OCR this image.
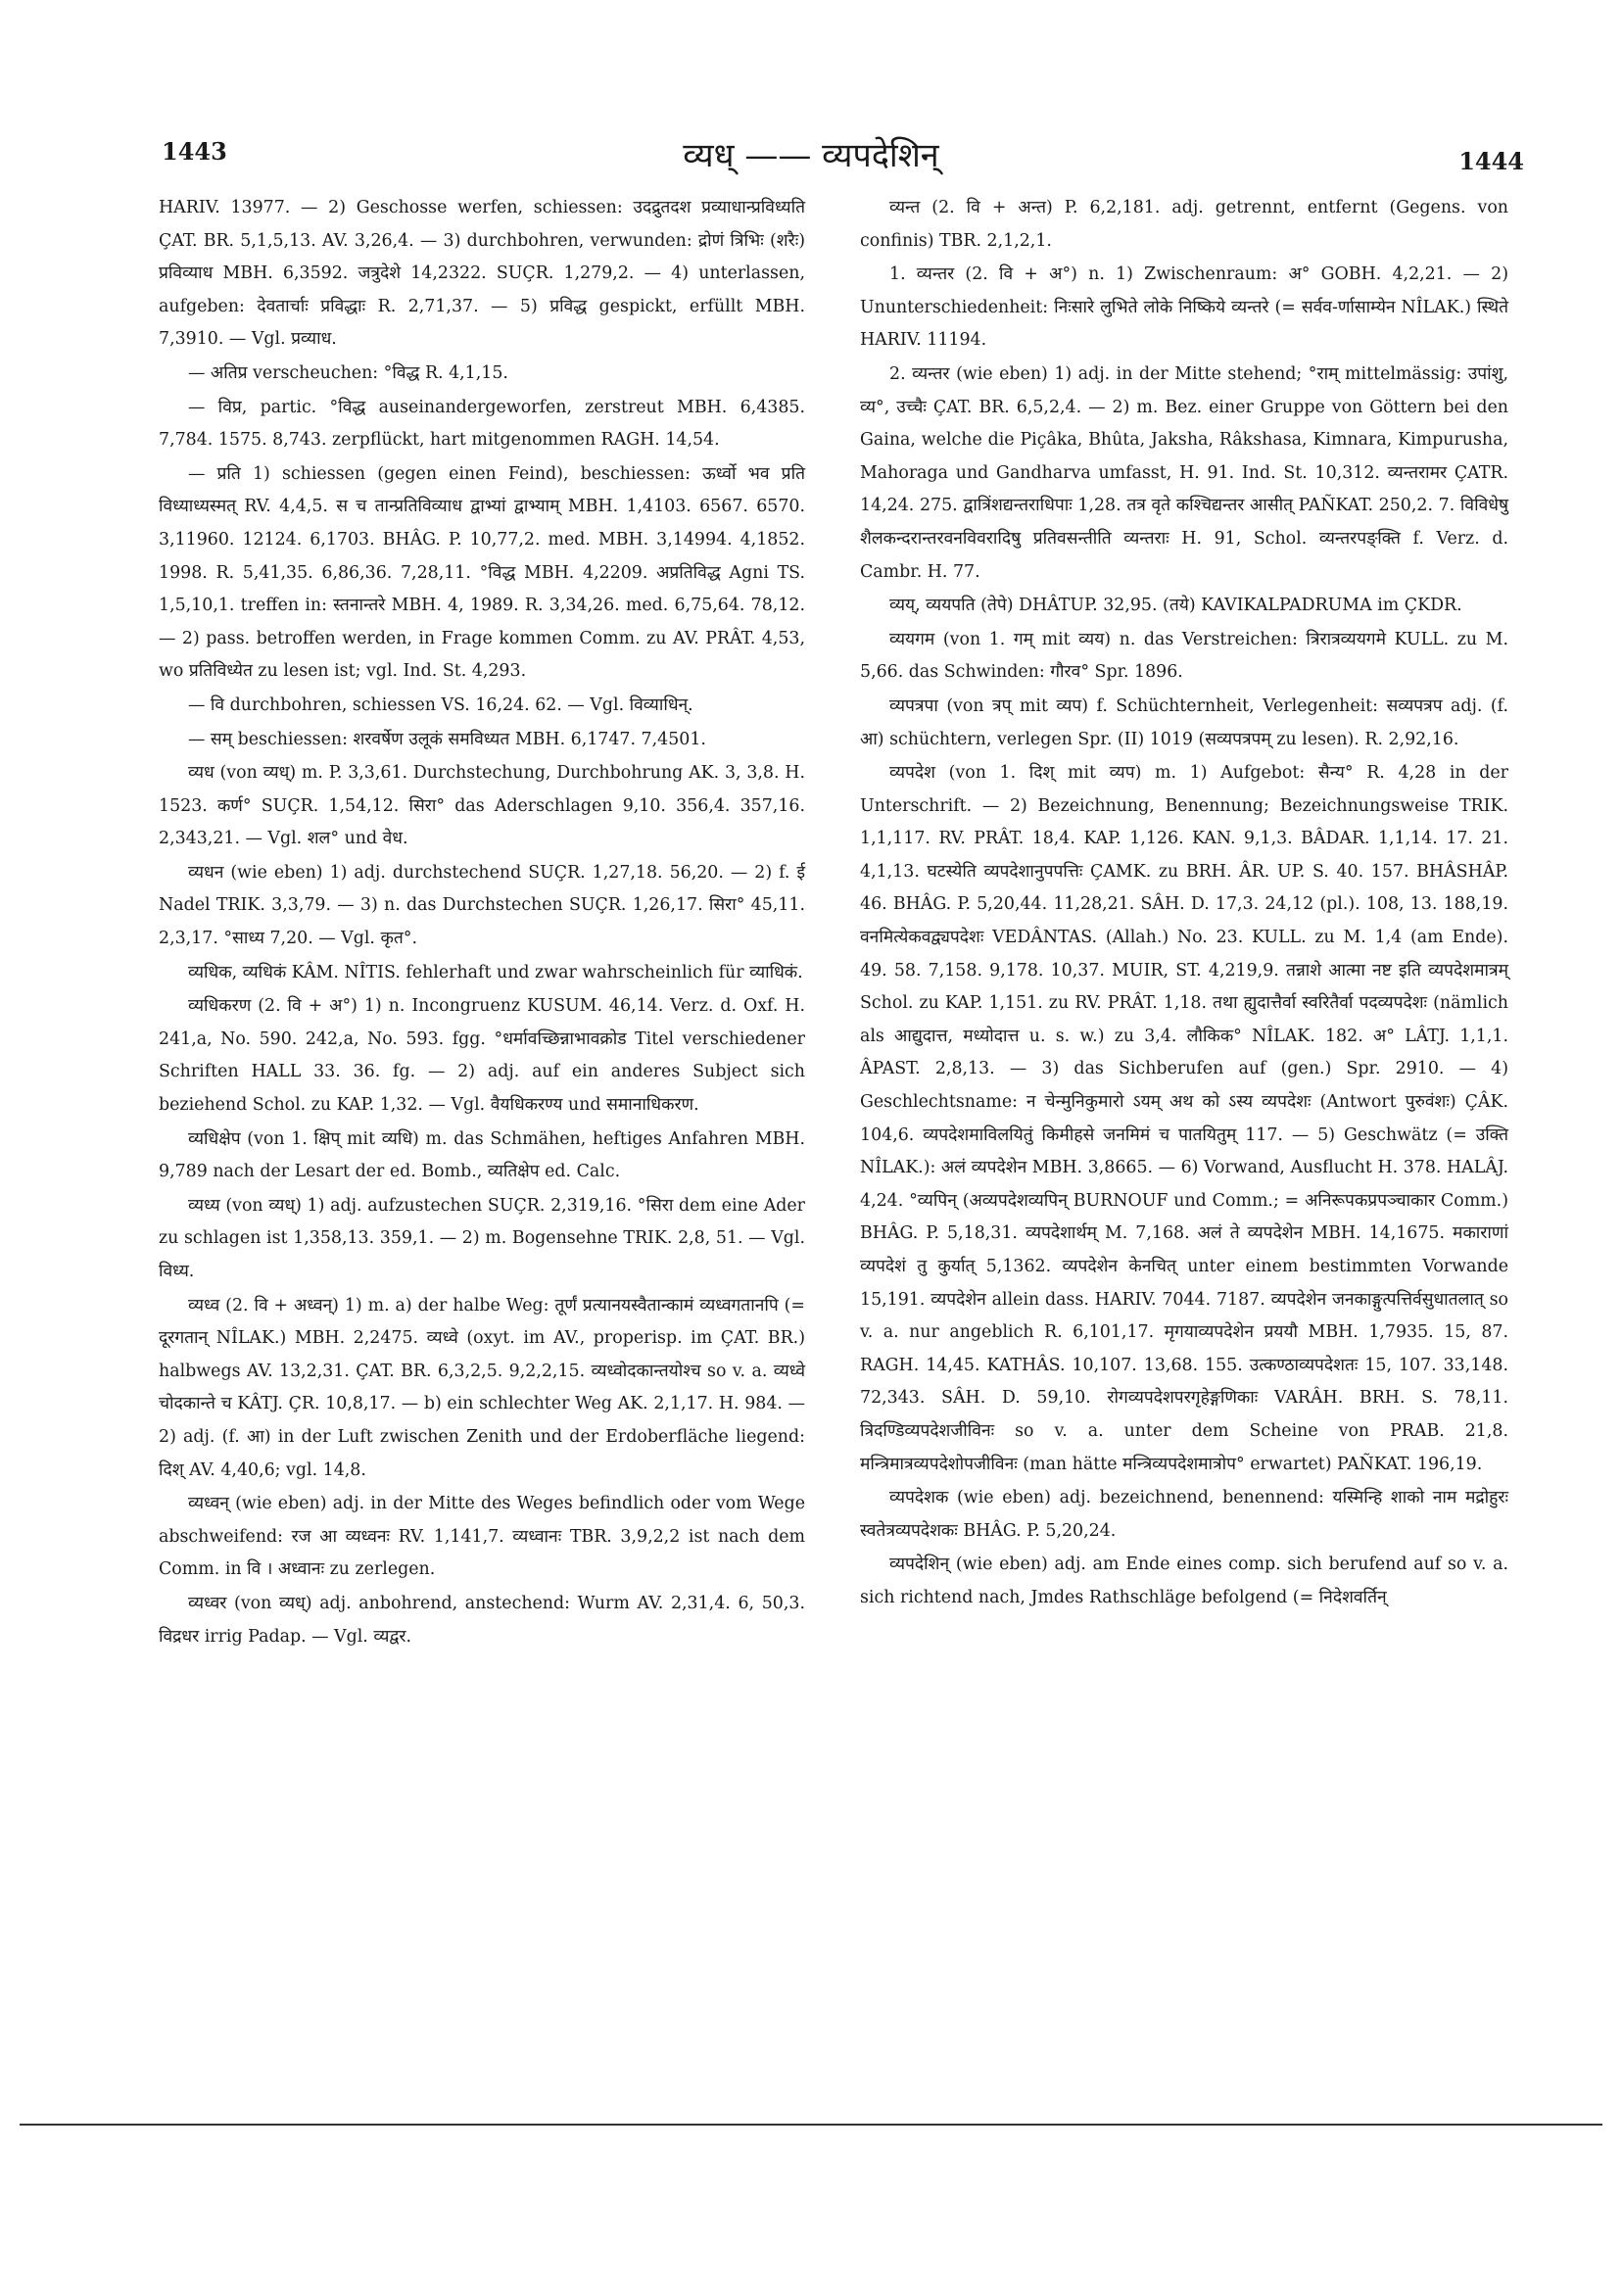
1443	व्यध् —— व्यपदेशिन्	1444

HARIV. 13977. — 2) Geschosse werfen, schiessen: उदद्रुतदश प्रव्याधान्प्रविध्यति ÇAT. BR. 5,1,5,13. AV. 3,26,4. — 3) durchbohren, verwunden: द्रोणं त्रिभिः (शरैः) प्रविव्याध MBH. 6,3592. जत्रुदेशे 14,2322. SUÇR. 1,279,2. — 4) unterlassen, aufgeben: देवतार्चाः प्रविद्धाः R. 2,71,37. — 5) प्रविद्ध gespickt, erfüllt MBH. 7,3910. — Vgl. प्रव्याध.

— अतिप्र verscheuchen: °विद्ध R. 4,1,15.

— विप्र, partic. °विद्ध auseinandergeworfen, zerstreut MBH. 6,4385. 7,784. 1575. 8,743. zerpflückt, hart mitgenommen RAGH. 14,54.

— प्रति 1) schiessen (gegen einen Feind), beschiessen: ऊर्ध्वो भव प्रति विध्याध्यस्मत् RV. 4,4,5. स च तान्प्रतिविव्याध द्वाभ्यां द्वाभ्याम् MBH. 1,4103. 6567. 6570. 3,11960. 12124. 6,1703. BHÂG. P. 10,77,2. med. MBH. 3,14994. 4,1852. 1998. R. 5,41,35. 6,86,36. 7,28,11. °विद्ध MBH. 4,2209. अप्रतिविद्ध Agni TS. 1,5,10,1. treffen in: स्तनान्तरे MBH. 4, 1989. R. 3,34,26. med. 6,75,64. 78,12. — 2) pass. betroffen werden, in Frage kommen Comm. zu AV. PRÂT. 4,53, wo प्रतिविध्येत zu lesen ist; vgl. Ind. St. 4,293.

— वि durchbohren, schiessen VS. 16,24. 62. — Vgl. विव्याधिन्.

— सम् beschiessen: शरवर्षेण उलूकं समविध्यत MBH. 6,1747. 7,4501.

व्यध (von व्यध्) m. P. 3,3,61. Durchstechung, Durchbohrung AK. 3, 3,8. H. 1523. कर्ण° SUÇR. 1,54,12. सिरा° das Aderschlagen 9,10. 356,4. 357,16. 2,343,21. — Vgl. शल° und वेध.

व्यधन (wie eben) 1) adj. durchstechend SUÇR. 1,27,18. 56,20. — 2) f. ई Nadel TRIK. 3,3,79. — 3) n. das Durchstechen SUÇR. 1,26,17. सिरा° 45,11. 2,3,17. °साध्य 7,20. — Vgl. कृत°.

व्यधिक, व्यधिकं KÂM. NÎTIS. fehlerhaft und zwar wahrscheinlich für व्याधिकं.

व्यधिकरण (2. वि + अ°) 1) n. Incongruenz KUSUM. 46,14. Verz. d. Oxf. H. 241,a, No. 590. 242,a, No. 593. fgg. °धर्मावच्छिन्नाभावक्रोड Titel verschiedener Schriften HALL 33. 36. fg. — 2) adj. auf ein anderes Subject sich beziehend Schol. zu KAP. 1,32. — Vgl. वैयधिकरण्य und समानाधिकरण.

व्यधिक्षेप (von 1. क्षिप् mit व्यधि) m. das Schmähen, heftiges Anfahren MBH. 9,789 nach der Lesart der ed. Bomb., व्यतिक्षेप ed. Calc.

व्यध्य (von व्यध्) 1) adj. aufzustechen SUÇR. 2,319,16. °सिरा dem eine Ader zu schlagen ist 1,358,13. 359,1. — 2) m. Bogensehne TRIK. 2,8, 51. — Vgl. विध्य.

व्यध्व (2. वि + अध्वन्) 1) m. a) der halbe Weg: तूर्णं प्रत्यानयस्वैतान्कामं व्यध्वगतानपि (= दूरगतान् NÎLAK.) MBH. 2,2475. व्यध्वे (oxyt. im AV., properisp. im ÇAT. BR.) halbwegs AV. 13,2,31. ÇAT. BR. 6,3,2,5. 9,2,2,15. व्यध्वोदकान्तयोश्च so v. a. व्यध्वे चोदकान्ते च KÂTJ. ÇR. 10,8,17. — b) ein schlechter Weg AK. 2,1,17. H. 984. — 2) adj. (f. आ) in der Luft zwischen Zenith und der Erdoberfläche liegend: दिश् AV. 4,40,6; vgl. 14,8.

व्यध्वन् (wie eben) adj. in der Mitte des Weges befindlich oder vom Wege abschweifend: रज आ व्यध्वनः RV. 1,141,7. व्यध्वानः TBR. 3,9,2,2 ist nach dem Comm. in वि । अध्वानः zu zerlegen.

व्यध्वर (von व्यध्) adj. anbohrend, anstechend: Wurm AV. 2,31,4. 6, 50,3. विद्रधर irrig Padap. — Vgl. व्यद्वर.

व्यन्त (2. वि + अन्त) P. 6,2,181. adj. getrennt, entfernt (Gegens. von confinis) TBR. 2,1,2,1.

1. व्यन्तर (2. वि + अ°) n. 1) Zwischenraum: अ° GOBH. 4,2,21. — 2) Ununterschiedenheit: निःसारे लुभिते लोके निष्किये व्यन्तरे (= सर्वव-र्णासाम्येन NÎLAK.) स्थिते HARIV. 11194.

2. व्यन्तर (wie eben) 1) adj. in der Mitte stehend; °राम् mittelmässig: उपांशु, व्य°, उच्चैः ÇAT. BR. 6,5,2,4. — 2) m. Bez. einer Gruppe von Göttern bei den Gaina, welche die Piçâka, Bhûta, Jaksha, Râkshasa, Kimnara, Kimpurusha, Mahoraga und Gandharva umfasst, H. 91. Ind. St. 10,312. व्यन्तरामर ÇATR. 14,24. 275. द्वात्रिंशद्यन्तराधिपाः 1,28. तत्र वृते कश्चिद्यन्तर आसीत् PAÑKAT. 250,2. 7. विविधेषु शैलकन्दरान्तरवनविवरादिषु प्रतिवसन्तीति व्यन्तराः H. 91, Schol. व्यन्तरपङ्क्ति f. Verz. d. Cambr. H. 77.

व्यय्, व्ययपति (तेपे) DHÂTUP. 32,95. (तये) KAVIKALPADRUMA im ÇKDR.

व्ययगम (von 1. गम् mit व्यय) n. das Verstreichen: त्रिरात्रव्ययगमे KULL. zu M. 5,66. das Schwinden: गौरव° Spr. 1896.

व्यपत्रपा (von त्रप् mit व्यप) f. Schüchternheit, Verlegenheit: सव्यपत्रप adj. (f. आ) schüchtern, verlegen Spr. (II) 1019 (सव्यपत्रपम् zu lesen). R. 2,92,16.

व्यपदेश (von 1. दिश् mit व्यप) m. 1) Aufgebot: सैन्य° R. 4,28 in der Unterschrift. — 2) Bezeichnung, Benennung; Bezeichnungsweise TRIK. 1,1,117. RV. PRÂT. 18,4. KAP. 1,126. KAN. 9,1,3. BÂDAR. 1,1,14. 17. 21. 4,1,13. घटस्येति व्यपदेशानुपपत्तिः ÇAMK. zu BRH. ÂR. UP. S. 40. 157. BHÂSHÂP. 46. BHÂG. P. 5,20,44. 11,28,21. SÂH. D. 17,3. 24,12 (pl.). 108, 13. 188,19. वनमित्येकवद्व्यपदेशः VEDÂNTAS. (Allah.) No. 23. KULL. zu M. 1,4 (am Ende). 49. 58. 7,158. 9,178. 10,37. MUIR, ST. 4,219,9. तन्नाशे आत्मा नष्ट इति व्यपदेशमात्रम् Schol. zu KAP. 1,151. zu RV. PRÂT. 1,18. तथा ह्युदात्तैर्वा स्वरितैर्वा पदव्यपदेशः (nämlich als आद्युदात्त, मध्योदात्त u. s. w.) zu 3,4. लौकिक° NÎLAK. 182. अ° LÂTJ. 1,1,1. ÂPAST. 2,8,13. — 3) das Sichberufen auf (gen.) Spr. 2910. — 4) Geschlechtsname: न चेन्मुनिकुमारो ऽयम् अथ को ऽस्य व्यपदेशः (Antwort पुरुवंशः) ÇÂK. 104,6. व्यपदेशमाविलयितुं किमीहसे जनमिमं च पातयितुम् 117. — 5) Geschwätz (= उक्ति NÎLAK.): अलं व्यपदेशेन MBH. 3,8665. — 6) Vorwand, Ausflucht H. 378. HALÂJ. 4,24. °व्यपिन् (अव्यपदेशव्यपिन् BURNOUF und Comm.; = अनिरूपकप्रपञ्चाकार Comm.) BHÂG. P. 5,18,31. व्यपदेशार्थम् M. 7,168. अलं ते व्यपदेशेन MBH. 14,1675. मकाराणां व्यपदेशं तु कुर्यात् 5,1362. व्यपदेशेन केनचित् unter einem bestimmten Vorwande 15,191. व्यपदेशेन allein dass. HARIV. 7044. 7187. व्यपदेशेन जनकाङ्गुत्पत्तिर्वसुधातलात् so v. a. nur angeblich R. 6,101,17. मृगयाव्यपदेशेन प्रययौ MBH. 1,7935. 15, 87. RAGH. 14,45. KATHÂS. 10,107. 13,68. 155. उत्कण्ठाव्यपदेशतः 15, 107. 33,148. 72,343. SÂH. D. 59,10. रोगव्यपदेशपरगृहेङ्गणिकाः VARÂH. BRH. S. 78,11. त्रिदण्डिव्यपदेशजीविनः so v. a. unter dem Scheine von PRAB. 21,8. मन्त्रिमात्रव्यपदेशोपजीविनः (man hätte मन्त्रिव्यपदेशमात्रोप° erwartet) PAÑKAT. 196,19.

व्यपदेशक (wie eben) adj. bezeichnend, benennend: यस्मिन्हि शाको नाम मद्रोहुरः स्वतेत्रव्यपदेशकः BHÂG. P. 5,20,24.

व्यपदेशिन् (wie eben) adj. am Ende eines comp. sich berufend auf so v. a. sich richtend nach, Jmdes Rathschläge befolgend (= निदेशवर्तिन्
